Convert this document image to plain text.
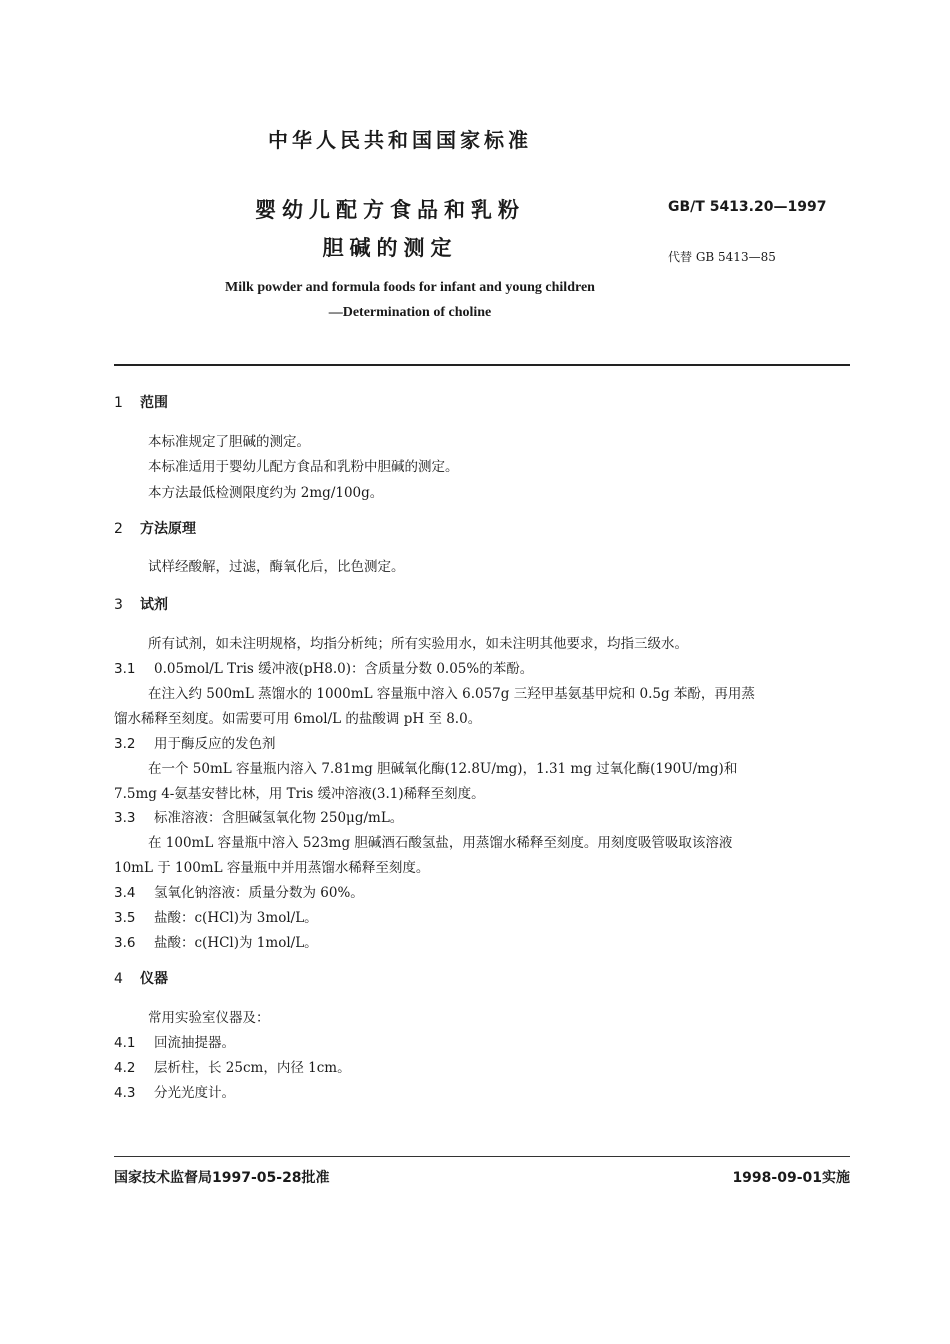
中华人民共和国国家标准
婴幼儿配方食品和乳粉
胆碱的测定
GB/T 5413.20—1997
代替 GB 5413—85
Milk powder and formula foods for infant and young children
—Determination of choline
1 范围
本标准规定了胆碱的测定。
本标准适用于婴幼儿配方食品和乳粉中胆碱的测定。
本方法最低检测限度约为 2mg/100g。
2 方法原理
试样经酸解，过滤，酶氧化后，比色测定。
3 试剂
所有试剂，如未注明规格，均指分析纯；所有实验用水，如未注明其他要求，均指三级水。
3.1 0.05mol/L Tris 缓冲液(pH8.0)：含质量分数 0.05%的苯酚。
在注入约 500mL 蒸馏水的 1000mL 容量瓶中溶入 6.057g 三羟甲基氨基甲烷和 0.5g 苯酚，再用蒸
馏水稀释至刻度。如需要可用 6mol/L 的盐酸调 pH 至 8.0。
3.2 用于酶反应的发色剂
在一个 50mL 容量瓶内溶入 7.81mg 胆碱氧化酶(12.8U/mg)，1.31 mg 过氧化酶(190U/mg)和
7.5mg 4-氨基安替比林，用 Tris 缓冲溶液(3.1)稀释至刻度。
3.3 标准溶液：含胆碱氢氧化物 250μg/mL。
在 100mL 容量瓶中溶入 523mg 胆碱酒石酸氢盐，用蒸馏水稀释至刻度。用刻度吸管吸取该溶液
10mL 于 100mL 容量瓶中并用蒸馏水稀释至刻度。
3.4 氢氧化钠溶液：质量分数为 60%。
3.5 盐酸：c(HCl)为 3mol/L。
3.6 盐酸：c(HCl)为 1mol/L。
4 仪器
常用实验室仪器及：
4.1 回流抽提器。
4.2 层析柱，长 25cm，内径 1cm。
4.3 分光光度计。
国家技术监督局1997-05-28批准	1998-09-01实施
